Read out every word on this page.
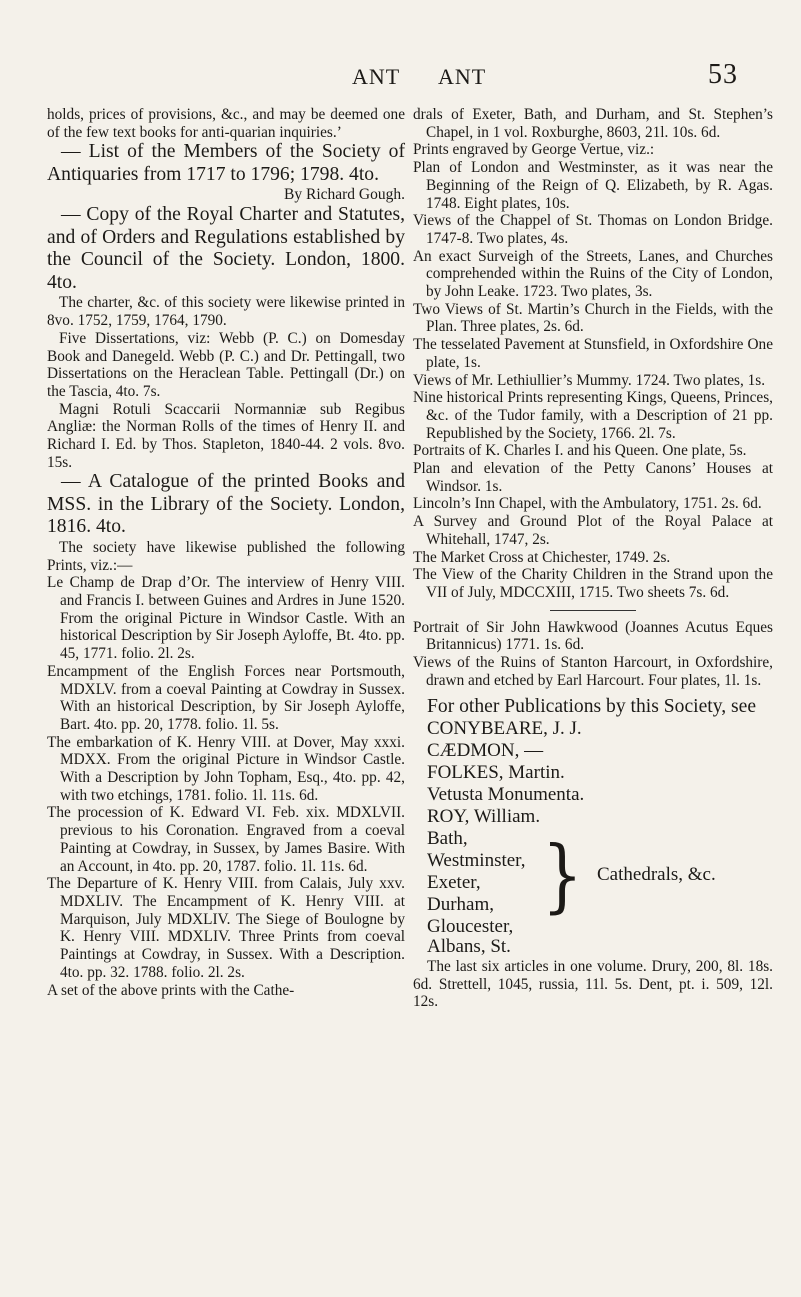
ANT ANT	53

holds, prices of provisions, &c., and may be deemed one of the few text books for anti-quarian inquiries.’

— List of the Members of the Society of Antiquaries from 1717 to 1796; 1798. 4to.
By Richard Gough.

— Copy of the Royal Charter and Statutes, and of Orders and Regulations established by the Council of the Society. London, 1800. 4to.

The charter, &c. of this society were likewise printed in 8vo. 1752, 1759, 1764, 1790.

Five Dissertations, viz: Webb (P. C.) on Domesday Book and Danegeld. Webb (P. C.) and Dr. Pettingall, two Dissertations on the Heraclean Table. Pettingall (Dr.) on the Tascia, 4to. 7s.

Magni Rotuli Scaccarii Normanniæ sub Regibus Angliæ: the Norman Rolls of the times of Henry II. and Richard I. Ed. by Thos. Stapleton, 1840-44. 2 vols. 8vo. 15s.

— A Catalogue of the printed Books and MSS. in the Library of the Society. London, 1816. 4to.

The society have likewise published the following Prints, viz.:—

Le Champ de Drap d’Or. The interview of Henry VIII. and Francis I. between Guines and Ardres in June 1520. From the original Picture in Windsor Castle. With an historical Description by Sir Joseph Ayloffe, Bt. 4to. pp. 45, 1771. folio. 2l. 2s.

Encampment of the English Forces near Portsmouth, MDXLV. from a coeval Painting at Cowdray in Sussex. With an historical Description, by Sir Joseph Ayloffe, Bart. 4to. pp. 20, 1778. folio. 1l. 5s.

The embarkation of K. Henry VIII. at Dover, May xxxi. MDXX. From the original Picture in Windsor Castle. With a Description by John Topham, Esq., 4to. pp. 42, with two etchings, 1781. folio. 1l. 11s. 6d.

The procession of K. Edward VI. Feb. xix. MDXLVII. previous to his Coronation. Engraved from a coeval Painting at Cowdray, in Sussex, by James Basire. With an Account, in 4to. pp. 20, 1787. folio. 1l. 11s. 6d.

The Departure of K. Henry VIII. from Calais, July xxv. MDXLIV. The Encampment of K. Henry VIII. at Marquison, July MDXLIV. The Siege of Boulogne by K. Henry VIII. MDXLIV. Three Prints from coeval Paintings at Cowdray, in Sussex. With a Description. 4to. pp. 32. 1788. folio. 2l. 2s.

A set of the above prints with the Cathe-

drals of Exeter, Bath, and Durham, and St. Stephen’s Chapel, in 1 vol. Roxburghe, 8603, 21l. 10s. 6d.

Prints engraved by George Vertue, viz.:

Plan of London and Westminster, as it was near the Beginning of the Reign of Q. Elizabeth, by R. Agas. 1748. Eight plates, 10s.

Views of the Chappel of St. Thomas on London Bridge. 1747-8. Two plates, 4s.

An exact Surveigh of the Streets, Lanes, and Churches comprehended within the Ruins of the City of London, by John Leake. 1723. Two plates, 3s.

Two Views of St. Martin’s Church in the Fields, with the Plan. Three plates, 2s. 6d.

The tesselated Pavement at Stunsfield, in Oxfordshire One plate, 1s.

Views of Mr. Lethiullier’s Mummy. 1724. Two plates, 1s.

Nine historical Prints representing Kings, Queens, Princes, &c. of the Tudor family, with a Description of 21 pp. Republished by the Society, 1766. 2l. 7s.

Portraits of K. Charles I. and his Queen. One plate, 5s.

Plan and elevation of the Petty Canons’ Houses at Windsor. 1s.

Lincoln’s Inn Chapel, with the Ambulatory, 1751. 2s. 6d.

A Survey and Ground Plot of the Royal Palace at Whitehall, 1747, 2s.

The Market Cross at Chichester, 1749. 2s.

The View of the Charity Children in the Strand upon the VII of July, MDCCXIII, 1715. Two sheets 7s. 6d.

Portrait of Sir John Hawkwood (Joannes Acutus Eques Britannicus) 1771. 1s. 6d.

Views of the Ruins of Stanton Harcourt, in Oxfordshire, drawn and etched by Earl Harcourt. Four plates, 1l. 1s.

For other Publications by this Society, see

CONYBEARE, J. J.
CÆDMON, —
FOLKES, Martin.
Vetusta Monumenta.
ROY, William.
Bath,
Westminster,
Exeter,
Durham,
Gloucester,
} Cathedrals, &c.
Albans, St.

The last six articles in one volume. Drury, 200, 8l. 18s. 6d. Strettell, 1045, russia, 11l. 5s. Dent, pt. i. 509, 12l. 12s.
